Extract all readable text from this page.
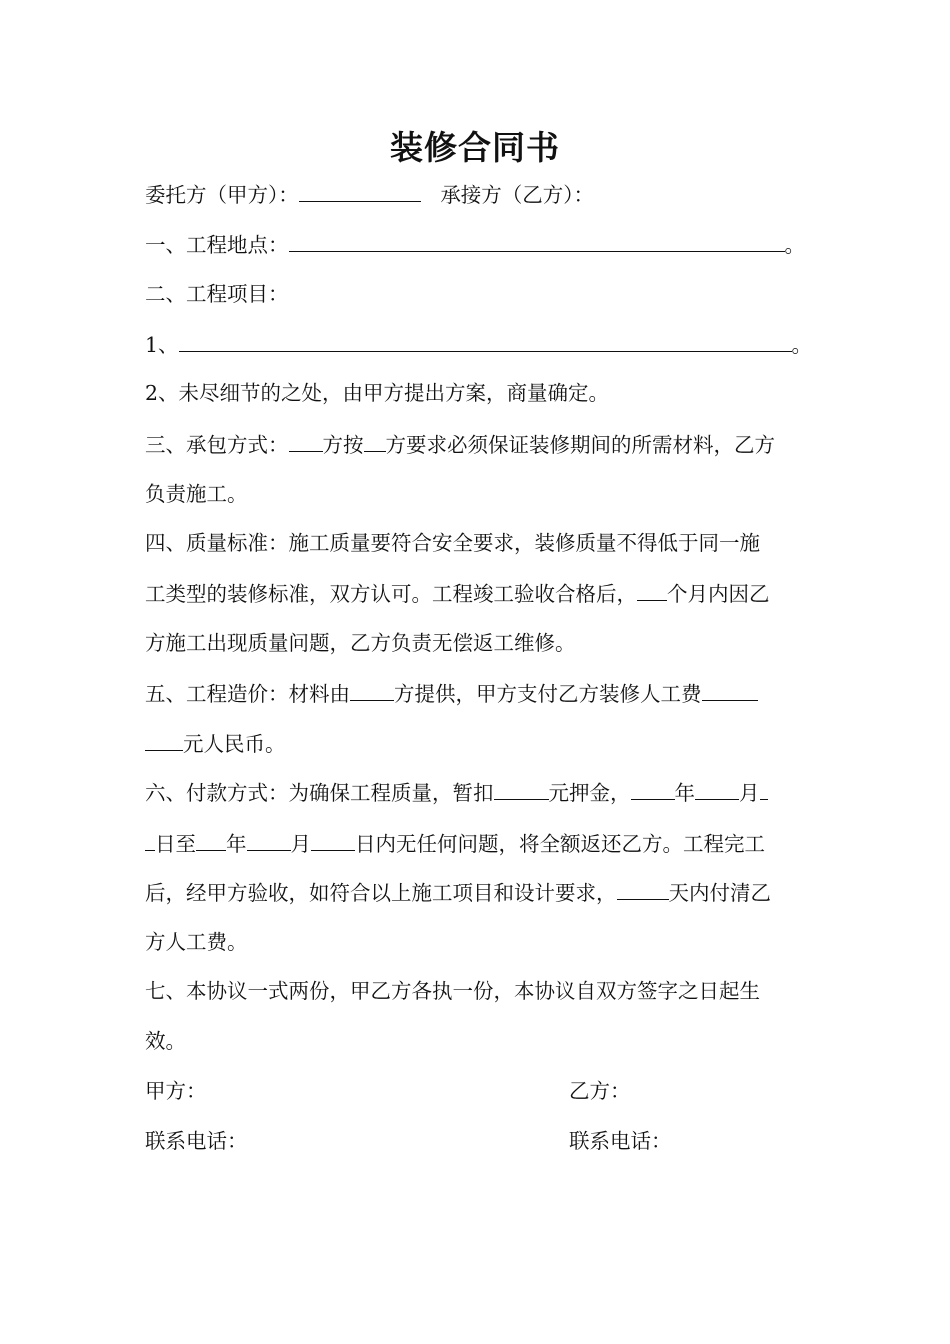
装修合同书
委托方（甲方）：	承接方（乙方）：
一、工程地点：	。
二、工程项目：
1、	。
2、未尽细节的之处，由甲方提出方案，商量确定。
三、承包方式： 方按 方要求必须保证装修期间的所需材料，乙方
负责施工。
四、质量标准：施工质量要符合安全要求，装修质量不得低于同一施
工类型的装修标准，双方认可。工程竣工验收合格后， 个月内因乙
方施工出现质量问题，乙方负责无偿返工维修。
五、工程造价：材料由 方提供，甲方支付乙方装修人工费
元人民币。
六、付款方式：为确保工程质量，暂扣	元押金， 年 月
日至 年 月 日内无任何问题，将全额返还乙方。工程完工
后，经甲方验收，如符合以上施工项目和设计要求，	天内付清乙
方人工费。
七、本协议一式两份，甲乙方各执一份，本协议自双方签字之日起生
效。
甲方：	乙方：
联系电话：	联系电话：
